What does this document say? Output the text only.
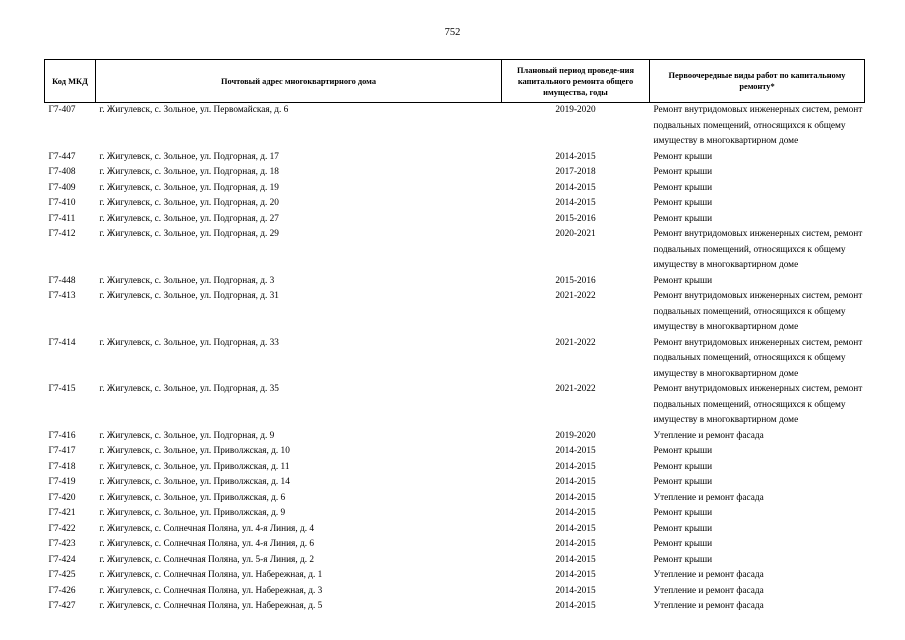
752
Код МКД	Почтовый адрес многоквартирного дома	Плановый период проведе-ния капитального ремонта общего имущества, годы	Первоочередные виды работ по капитальному ремонту*
Г7-407	г. Жигулевск, с. Зольное, ул. Первомайская, д. 6	2019-2020	Ремонт внутридомовых инженерных систем, ремонт подвальных помещений, относящихся к общему имуществу в многоквартирном доме
Г7-447	г. Жигулевск, с. Зольное, ул. Подгорная, д. 17	2014-2015	Ремонт крыши
Г7-408	г. Жигулевск, с. Зольное, ул. Подгорная, д. 18	2017-2018	Ремонт крыши
Г7-409	г. Жигулевск, с. Зольное, ул. Подгорная, д. 19	2014-2015	Ремонт крыши
Г7-410	г. Жигулевск, с. Зольное, ул. Подгорная, д. 20	2014-2015	Ремонт крыши
Г7-411	г. Жигулевск, с. Зольное, ул. Подгорная, д. 27	2015-2016	Ремонт крыши
Г7-412	г. Жигулевск, с. Зольное, ул. Подгорная, д. 29	2020-2021	Ремонт внутридомовых инженерных систем, ремонт подвальных помещений, относящихся к общему имуществу в многоквартирном доме
Г7-448	г. Жигулевск, с. Зольное, ул. Подгорная, д. 3	2015-2016	Ремонт крыши
Г7-413	г. Жигулевск, с. Зольное, ул. Подгорная, д. 31	2021-2022	Ремонт внутридомовых инженерных систем, ремонт подвальных помещений, относящихся к общему имуществу в многоквартирном доме
Г7-414	г. Жигулевск, с. Зольное, ул. Подгорная, д. 33	2021-2022	Ремонт внутридомовых инженерных систем, ремонт подвальных помещений, относящихся к общему имуществу в многоквартирном доме
Г7-415	г. Жигулевск, с. Зольное, ул. Подгорная, д. 35	2021-2022	Ремонт внутридомовых инженерных систем, ремонт подвальных помещений, относящихся к общему имуществу в многоквартирном доме
Г7-416	г. Жигулевск, с. Зольное, ул. Подгорная, д. 9	2019-2020	Утепление и ремонт фасада
Г7-417	г. Жигулевск, с. Зольное, ул. Приволжская, д. 10	2014-2015	Ремонт крыши
Г7-418	г. Жигулевск, с. Зольное, ул. Приволжская, д. 11	2014-2015	Ремонт крыши
Г7-419	г. Жигулевск, с. Зольное, ул. Приволжская, д. 14	2014-2015	Ремонт крыши
Г7-420	г. Жигулевск, с. Зольное, ул. Приволжская, д. 6	2014-2015	Утепление и ремонт фасада
Г7-421	г. Жигулевск, с. Зольное, ул. Приволжская, д. 9	2014-2015	Ремонт крыши
Г7-422	г. Жигулевск, с. Солнечная Поляна, ул. 4-я Линия, д. 4	2014-2015	Ремонт крыши
Г7-423	г. Жигулевск, с. Солнечная Поляна, ул. 4-я Линия, д. 6	2014-2015	Ремонт крыши
Г7-424	г. Жигулевск, с. Солнечная Поляна, ул. 5-я Линия, д. 2	2014-2015	Ремонт крыши
Г7-425	г. Жигулевск, с. Солнечная Поляна, ул. Набережная, д. 1	2014-2015	Утепление и ремонт фасада
Г7-426	г. Жигулевск, с. Солнечная Поляна, ул. Набережная, д. 3	2014-2015	Утепление и ремонт фасада
Г7-427	г. Жигулевск, с. Солнечная Поляна, ул. Набережная, д. 5	2014-2015	Утепление и ремонт фасада
